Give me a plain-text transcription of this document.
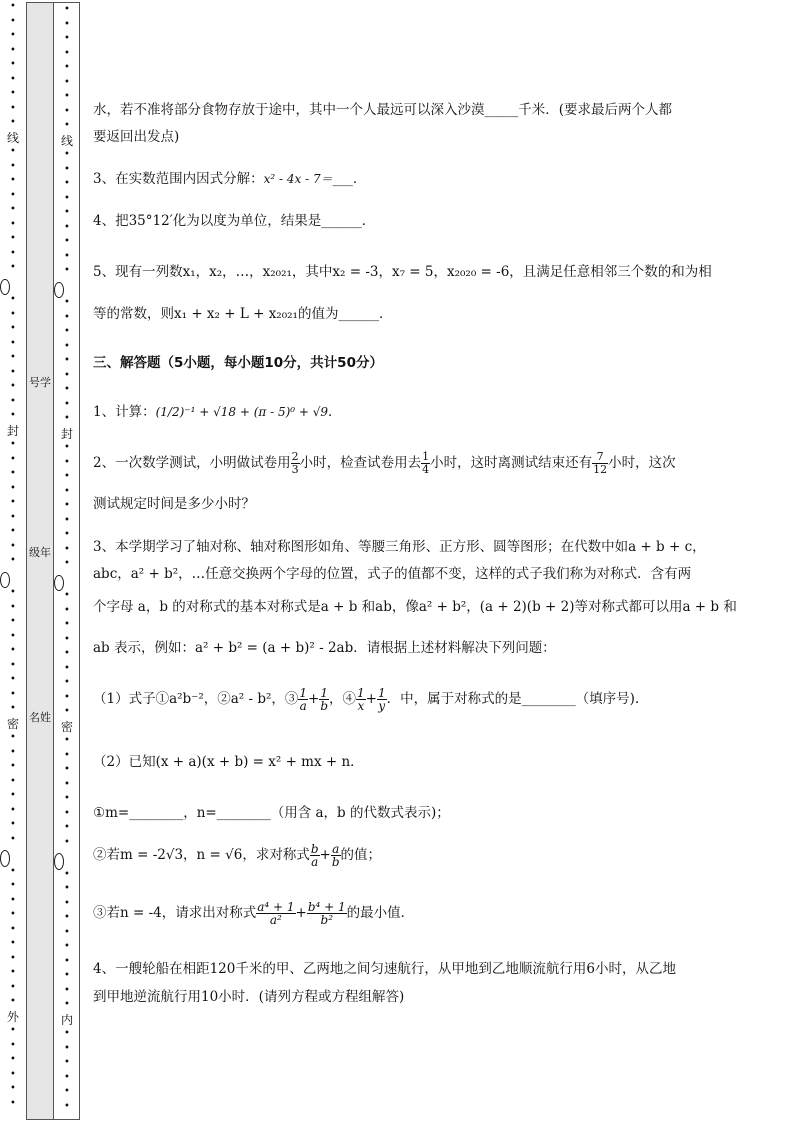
•
•
•
•
•
•
•
•
•
线
•
•
•
•
•
•
•
•
•
•
•
•
•
•
•
•
•
•
封
•
•
•
•
•
•
•
•
•
•
•
•
•
•
•
•
•
•
密
•
•
•
•
•
•
•
•
•
•
•
•
•
•
•
•
•
•
外
•
•
•
•
•
•
号学
级年
名姓
•
•
•
•
•
•
•
•
•
线
•
•
•
•
•
•
•
•
•
•
•
•
•
•
•
•
•
•
封
•
•
•
•
•
•
•
•
•
•
•
•
•
•
•
•
•
•
密
•
•
•
•
•
•
•
•
•
•
•
•
•
•
•
•
•
•
内
•
•
•
•
•
•
水，若不准将部分食物存放于途中，其中一个人最远可以深入沙漠_____千米．(要求最后两个人都
要返回出发点)
3、在实数范围内因式分解：x² - 4x - 7＝___．
4、把35°12′化为以度为单位，结果是______．
5、现有一列数x₁，x₂，…，x₂₀₂₁，其中x₂ = -3，x₇ = 5，x₂₀₂₀ = -6，且满足任意相邻三个数的和为相
等的常数，则x₁ + x₂ + L + x₂₀₂₁的值为______．
三、解答题（5小题，每小题10分，共计50分）
1、计算：(1/2)⁻¹ + √18 + (π - 5)⁰ + √9．
2、一次数学测试，小明做试卷用 $\frac{2}{3}$ 小时，检查试卷用去 $\frac{1}{4}$ 小时，这时离测试结束还有 $\frac{7}{12}$ 小时，这次
测试规定时间是多少小时？
3、本学期学习了轴对称、轴对称图形如角、等腰三角形、正方形、圆等图形；在代数中如a + b + c，
abc，a² + b²，…任意交换两个字母的位置，式子的值都不变，这样的式子我们称为对称式．含有两
个字母 a，b 的对称式的基本对称式是a + b 和ab，像a² + b²，(a + 2)(b + 2)等对称式都可以用a + b 和
ab 表示，例如：a² + b² = (a + b)² - 2ab．请根据上述材料解决下列问题：
（1）式子①a²b⁻²，②a² - b²，③ $\frac{1}{a} + \frac{1}{b}$ ，④ $\frac{1}{x} + \frac{1}{y}$ ．中，属于对称式的是________（填序号).
（2）已知(x + a)(x + b) = x² + mx + n．
①m=________，n=________（用含 a，b 的代数式表示)；
②若m = -2√3，n = √6，求对称式 $\frac{b}{a} + \frac{a}{b}$ 的值；
③若n = -4，请求出对称式 $\frac{\text{a⁴ + 1}}{\text{a²}} + \frac{\text{b⁴ + 1}}{\text{b²}}$ 的最小值．
4、一艘轮船在相距120千米的甲、乙两地之间匀速航行，从甲地到乙地顺流航行用6小时，从乙地
到甲地逆流航行用10小时．(请列方程或方程组解答)
